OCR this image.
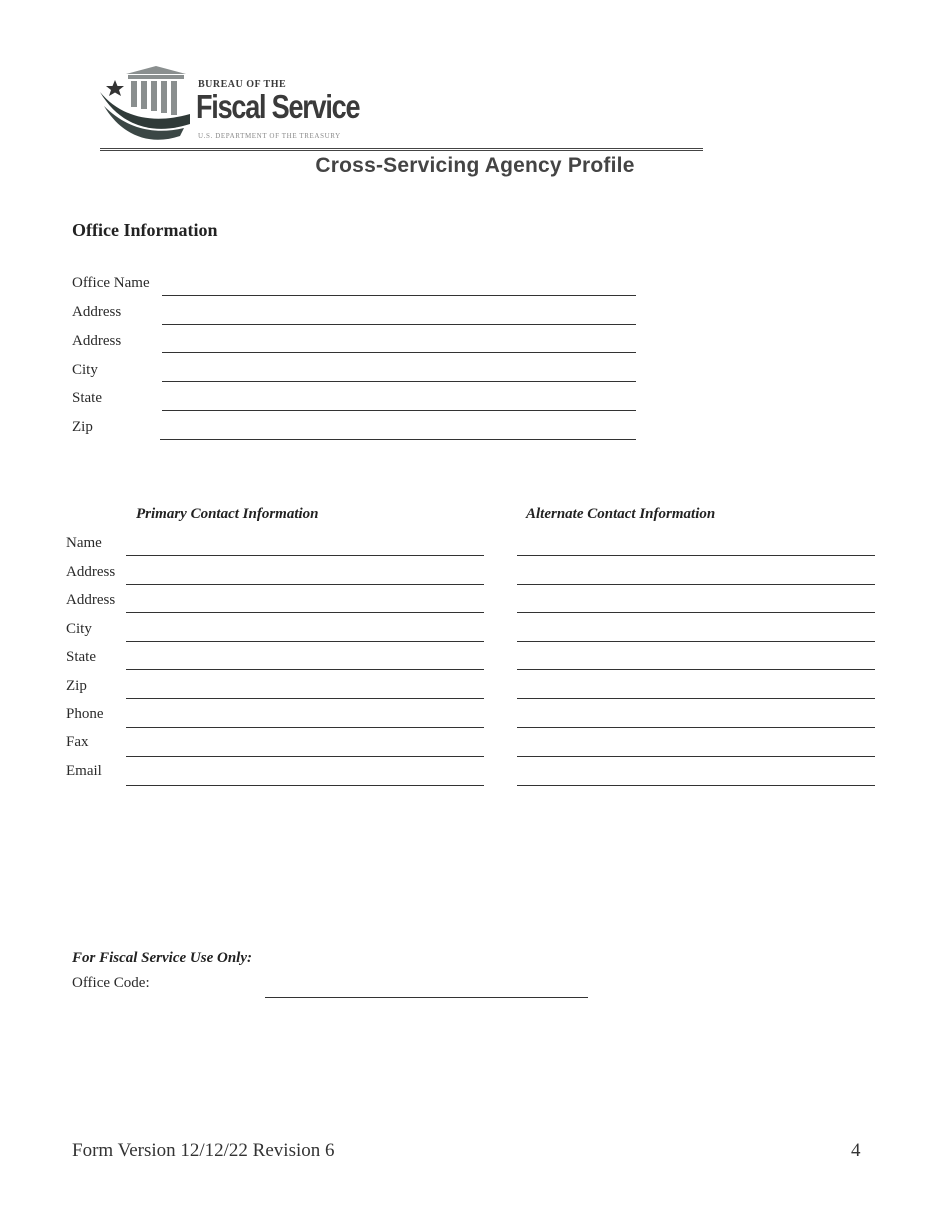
BUREAU OF THE
Fiscal Service
U.S. DEPARTMENT OF THE TREASURY
Cross-Servicing Agency Profile
Office Information
Office Name
Address
Address
City
State
Zip
Primary Contact Information	Alternate Contact Information
Name
Address
Address
City
State
Zip
Phone
Fax
Email
For Fiscal Service Use Only:
Office Code:
Form Version 12/12/22 Revision 6	4
